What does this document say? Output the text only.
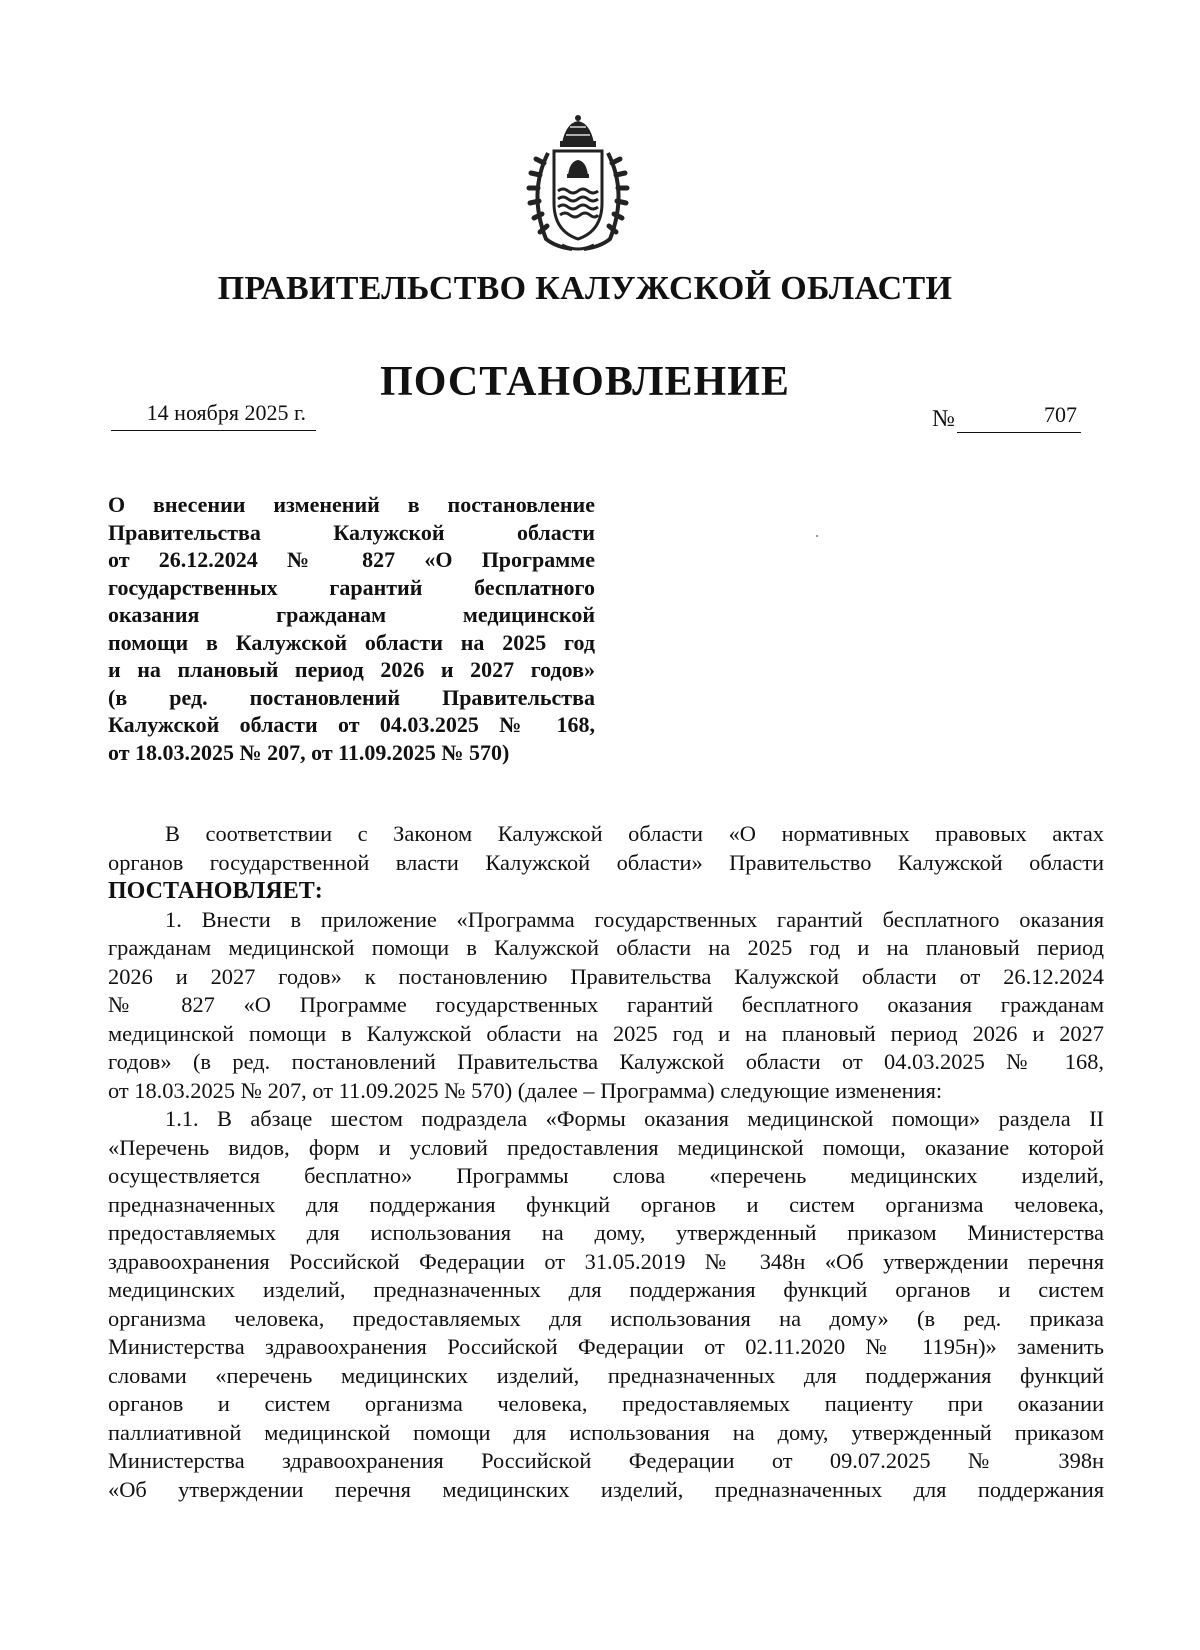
ПРАВИТЕЛЬСТВО КАЛУЖСКОЙ ОБЛАСТИ
ПОСТАНОВЛЕНИЕ
14 ноября 2025 г.	№	707
О внесении изменений в постановление
Правительства Калужской области
от 26.12.2024 № 827 «О Программе
государственных гарантий бесплатного
оказания гражданам медицинской
помощи в Калужской области на 2025 год
и на плановый период 2026 и 2027 годов»
(в ред. постановлений Правительства
Калужской области от 04.03.2025 № 168,
от 18.03.2025 № 207, от 11.09.2025 № 570)
В соответствии с Законом Калужской области «О нормативных правовых актах
органов государственной власти Калужской области» Правительство Калужской области
ПОСТАНОВЛЯЕТ:
1. Внести в приложение «Программа государственных гарантий бесплатного оказания
гражданам медицинской помощи в Калужской области на 2025 год и на плановый период
2026 и 2027 годов» к постановлению Правительства Калужской области от 26.12.2024
№ 827 «О Программе государственных гарантий бесплатного оказания гражданам
медицинской помощи в Калужской области на 2025 год и на плановый период 2026 и 2027
годов» (в ред. постановлений Правительства Калужской области от 04.03.2025 № 168,
от 18.03.2025 № 207, от 11.09.2025 № 570) (далее – Программа) следующие изменения:
1.1. В абзаце шестом подраздела «Формы оказания медицинской помощи» раздела II
«Перечень видов, форм и условий предоставления медицинской помощи, оказание которой
осуществляется бесплатно» Программы слова «перечень медицинских изделий,
предназначенных для поддержания функций органов и систем организма человека,
предоставляемых для использования на дому, утвержденный приказом Министерства
здравоохранения Российской Федерации от 31.05.2019 № 348н «Об утверждении перечня
медицинских изделий, предназначенных для поддержания функций органов и систем
организма человека, предоставляемых для использования на дому» (в ред. приказа
Министерства здравоохранения Российской Федерации от 02.11.2020 № 1195н)» заменить
словами «перечень медицинских изделий, предназначенных для поддержания функций
органов и систем организма человека, предоставляемых пациенту при оказании
паллиативной медицинской помощи для использования на дому, утвержденный приказом
Министерства здравоохранения Российской Федерации от 09.07.2025 № 398н
«Об утверждении перечня медицинских изделий, предназначенных для поддержания
